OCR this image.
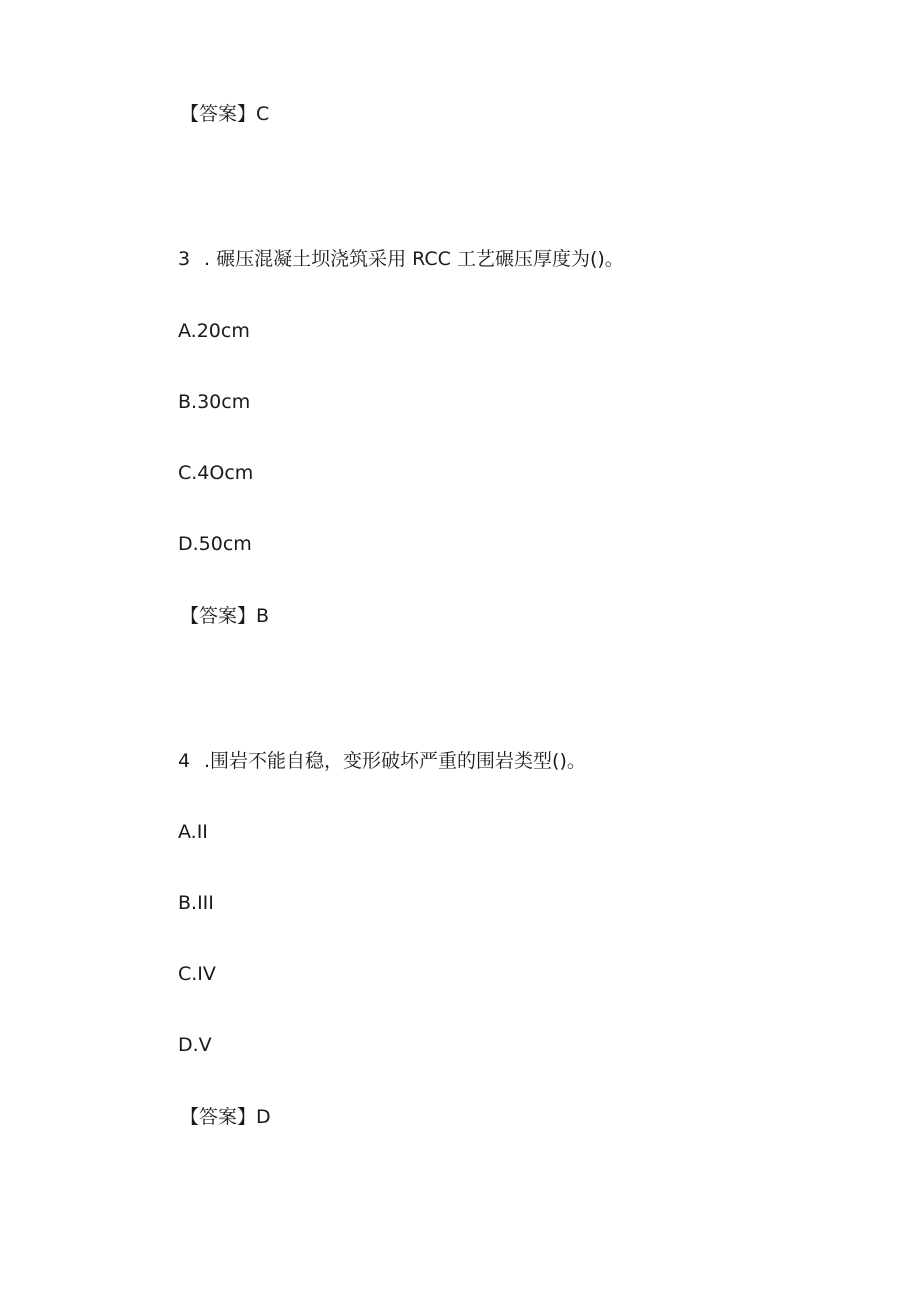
【答案】C
3 . 碾压混凝土坝浇筑采用 RCC 工艺碾压厚度为()。
A.20cm
B.30cm
C.4Ocm
D.50cm
【答案】B
4 .围岩不能自稳，变形破坏严重的围岩类型()。
A.II
B.III
C.IV
D.V
【答案】D
